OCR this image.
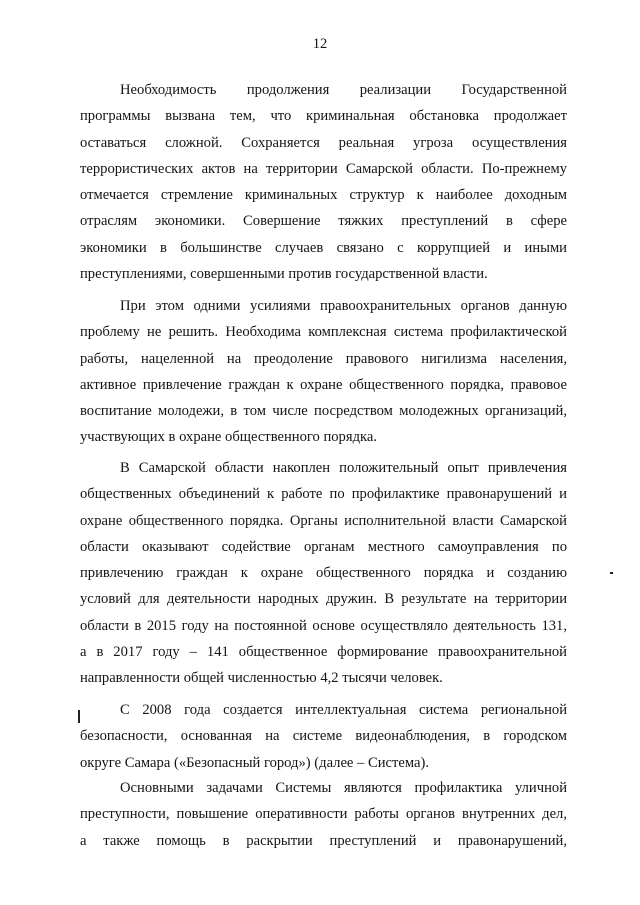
12
Необходимость продолжения реализации Государственной
программы вызвана тем, что криминальная обстановка продолжает
оставаться сложной. Сохраняется реальная угроза осуществления
террористических актов на территории Самарской области. По-прежнему
отмечается стремление криминальных структур к наиболее доходным
отраслям экономики. Совершение тяжких преступлений в сфере
экономики в большинстве случаев связано с коррупцией и иными
преступлениями, совершенными против государственной власти.
При этом одними усилиями правоохранительных органов данную
проблему не решить. Необходима комплексная система профилактической
работы, нацеленной на преодоление правового нигилизма населения,
активное привлечение граждан к охране общественного порядка, правовое
воспитание молодежи, в том числе посредством молодежных организаций,
участвующих в охране общественного порядка.
В Самарской области накоплен положительный опыт привлечения
общественных объединений к работе по профилактике правонарушений и
охране общественного порядка. Органы исполнительной власти Самарской
области оказывают содействие органам местного самоуправления по
привлечению граждан к охране общественного порядка и созданию
условий для деятельности народных дружин. В результате на территории
области в 2015 году на постоянной основе осуществляло деятельность 131,
а в 2017 году – 141 общественное формирование правоохранительной
направленности общей численностью 4,2 тысячи человек.
С 2008 года создается интеллектуальная система региональной
безопасности, основанная на системе видеонаблюдения, в городском
округе Самара («Безопасный город») (далее – Система).
Основными задачами Системы являются профилактика уличной
преступности, повышение оперативности работы органов внутренних дел,
а также помощь в раскрытии преступлений и правонарушений,
